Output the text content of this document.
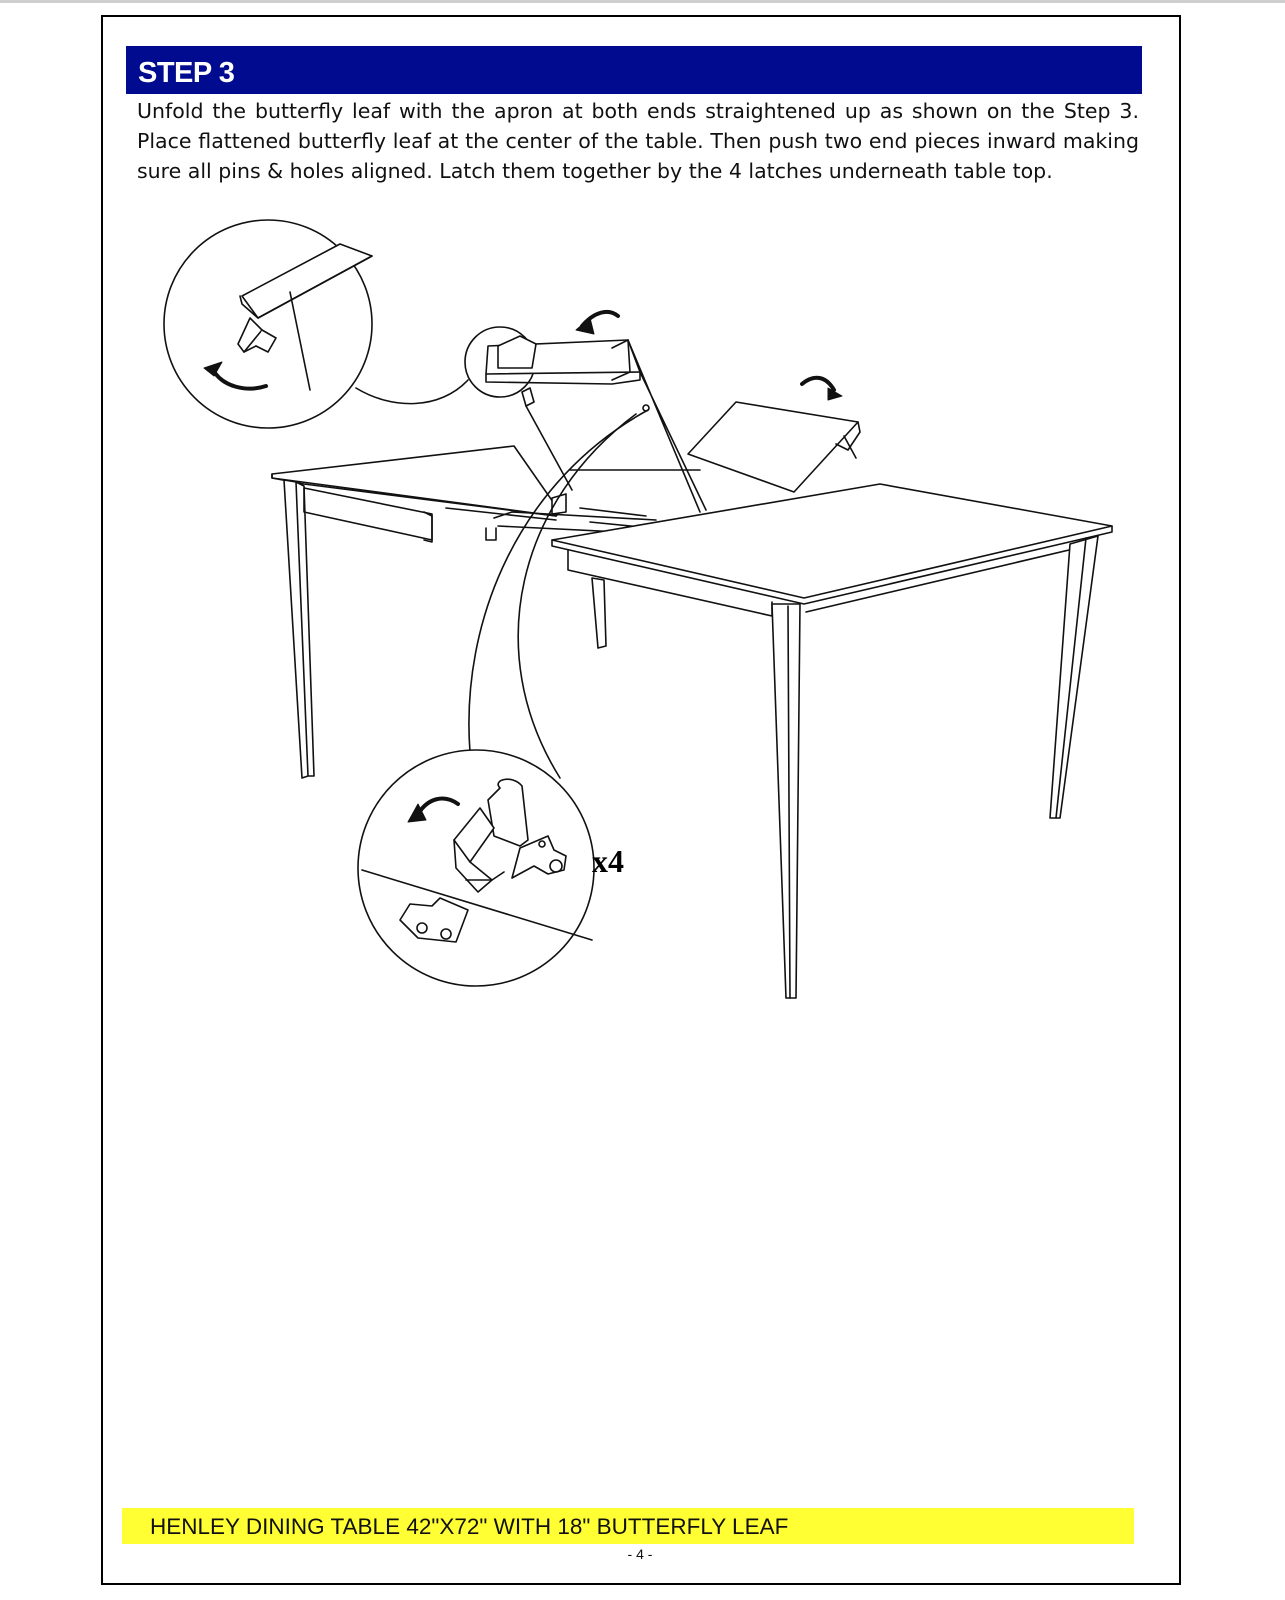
STEP 3

Unfold the butterfly leaf with the apron at both ends straightened up as shown on the Step 3. Place flattened butterfly leaf at the center of the table. Then push two end pieces inward making sure all pins & holes aligned. Latch them together by the 4 latches underneath table top.

x4
HENLEY DINING TABLE 42"X72" WITH 18" BUTTERFLY LEAF
- 4 -
